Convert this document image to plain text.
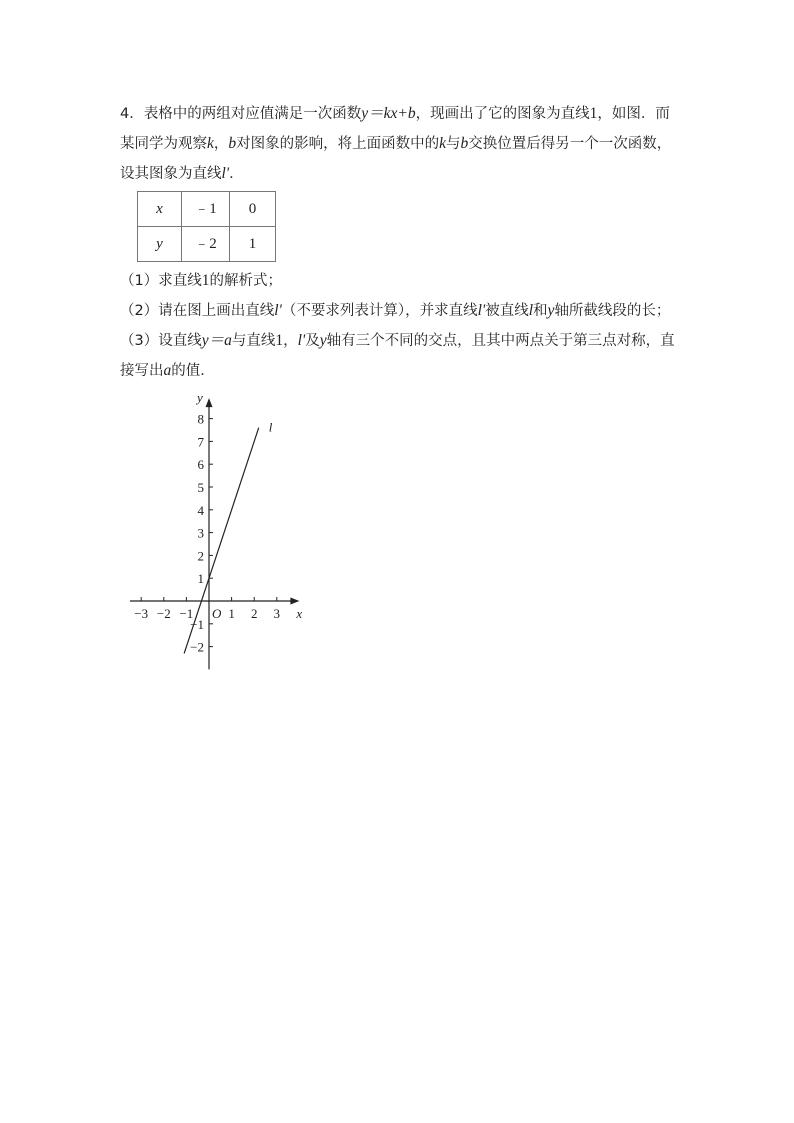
4．表格中的两组对应值满足一次函数y＝kx+b，现画出了它的图象为直线1，如图．而某同学为观察k，b对图象的影响，将上面函数中的k与b交换位置后得另一个一次函数，设其图象为直线l'．

x	﹣1	0
y	﹣2	1

（1）求直线1的解析式；

（2）请在图上画出直线l'（不要求列表计算），并求直线l'被直线l和y轴所截线段的长；

（3）设直线y＝a与直线1，l'及y轴有三个不同的交点，且其中两点关于第三点对称，直接写出a的值．

x
y
O
−3 −2 −1	1 2 3
−2
−1
1
2
3
4
5
6
7
8
l
